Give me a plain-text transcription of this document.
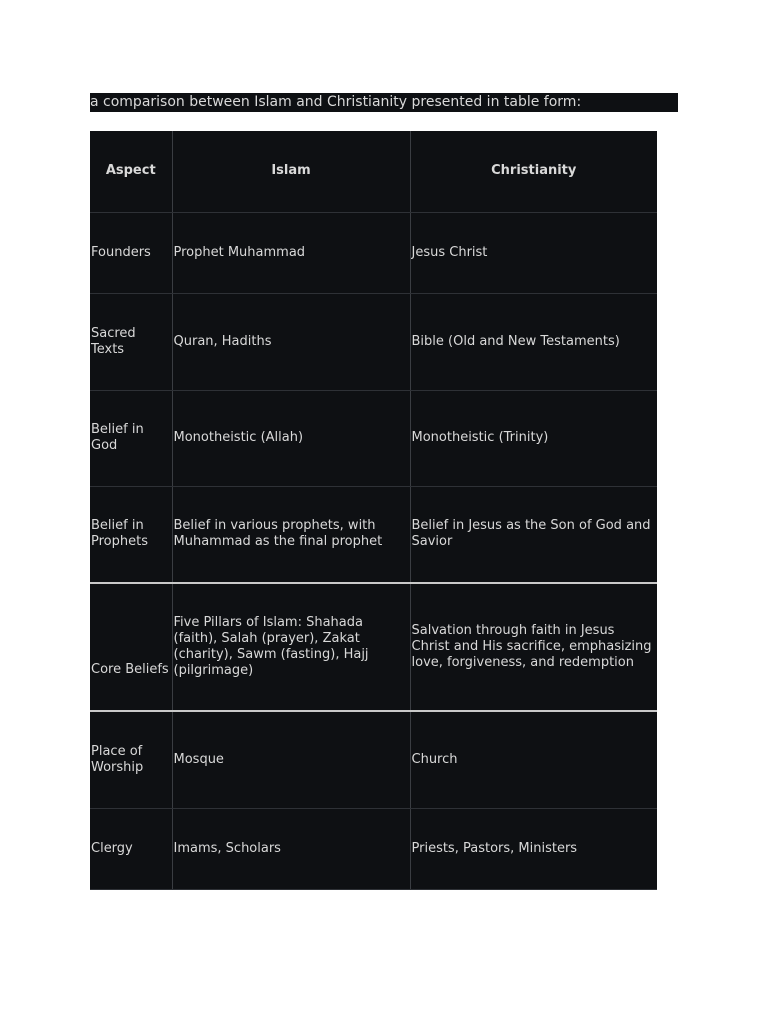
a comparison between Islam and Christianity presented in table form:
Aspect	Islam	Christianity
Founders	Prophet Muhammad	Jesus Christ
Sacred Texts	Quran, Hadiths	Bible (Old and New Testaments)
Belief in God	Monotheistic (Allah)	Monotheistic (Trinity)
Belief in Prophets	Belief in various prophets, with Muhammad as the final prophet	Belief in Jesus as the Son of God and Savior
Core Beliefs	Five Pillars of Islam: Shahada (faith), Salah (prayer), Zakat (charity), Sawm (fasting), Hajj (pilgrimage)	Salvation through faith in Jesus Christ and His sacrifice, emphasizing love, forgiveness, and redemption
Place of Worship	Mosque	Church
Clergy	Imams, Scholars	Priests, Pastors, Ministers
